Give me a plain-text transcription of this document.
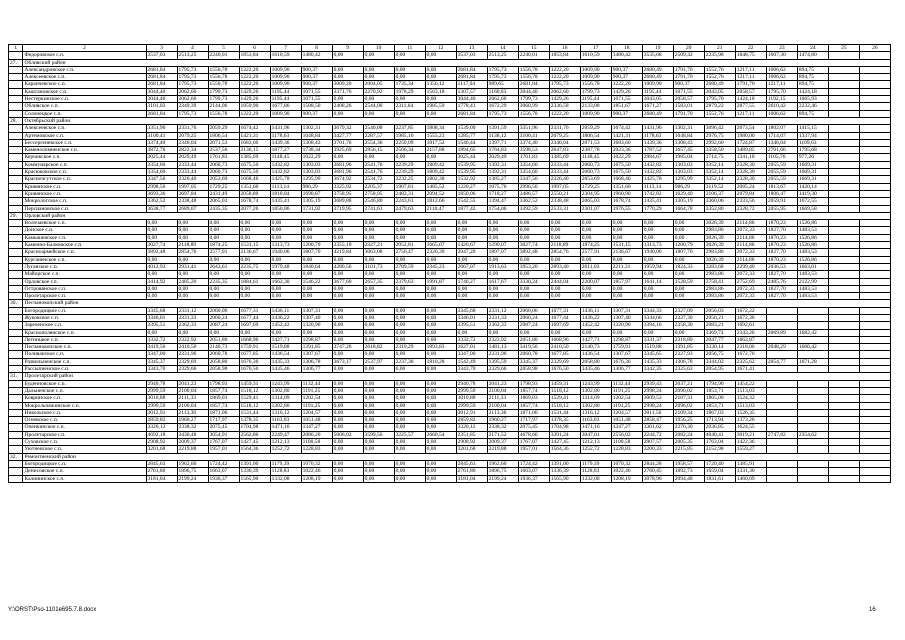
1	2	3	4	5	6	7	8	9	10	11	12	13	14	15	16	17	18	19	20	21	22	23	24	25	26
	Федоровское с.п.	3537,03	2513,25	2240,01	1853,84	1610,59	1480,42	0,00	0,00	0,00	0,00	3537,03	2513,25	2240,01	1853,84	1610,59	1480,42	3535,68	2509,32	2235,98	1848,75	1607,30	1474,80		
27.	Обливский район																								
	Александровское с.п.	2681,84	1795,73	1556,78	1222,20	1009,90	900,37	0,00	0,00	0,00	0,00	2681,84	1795,73	1556,78	1222,20	1009,90	900,37	2680,49	1791,70	1552,76	1217,11	1006,62	894,75		
	Алексеевское с.п.	2681,84	1795,73	1556,78	1222,20	1009,90	900,37	0,00	0,00	0,00	0,00	2681,84	1795,73	1556,78	1222,20	1009,90	900,37	2680,49	1791,70	1552,76	1217,11	1006,62	894,75		
	Караичевское с.п.	2681,84	1795,73	1556,78	1222,20	1009,90	900,37	3009,20	2004,05	1735,34	1356,12	1117,04	989,65	2681,84	1795,73	1556,78	1222,20	1009,90	900,37	2680,49	1791,70	1217,11	894,75		
	Каштановское с.п.	3044,40	2062,60	1799,73	1429,26	1195,44	1071,55	3371,76	2270,92	1978,29	1563,18	1307,57	1160,83	3044,40	2062,60	1799,73	1429,26	1195,44	1071,55	3043,05	2058,57	1795,70	1424,18		
	Нестеркинское с.п.	3044,40	2062,60	1799,73	1429,26	1195,44	1071,55	0,00	0,00	0,00	0,00	3044,40	2062,60	1799,73	1429,26	1195,44	1071,55	3043,05	2058,57	1795,70	1424,18	1192,15	1065,93		
	Обливское с.п.	3101,03	2349,39	2144,06	1859,90	1677,86	1588,50	2408,26	2544,00	2311,64	1985,59	1778,41	1672,29	3060,99	2336,58	2133,08	1851,67	1671,27	1583,01	2879,22	2877,55	2610,42	2232,46		
	Солонецкое с.п.	2681,84	1795,73	1556,78	1222,20	1009,90	900,37	0,00	0,00	0,00	0,00	2681,84	1795,73	1556,78	1222,20	1009,90	900,37	2680,49	1791,70	1552,76	1217,11	1006,62	894,75		
28.	Октябрьский район																								
	Алексеевское с.п.	3351,96	2331,76	2059,29	1674,42	1431,96	1302,31	3679,32	2540,08	2237,85	1808,34	1539,09	1391,59	3351,96	2331,76	2059,29	1674,42	1431,96	1302,31	3096,42	2073,54	1802,07	1415,15		
	Артемовское с.п.	3100,41	2079,25	1806,54	1421,31	1178,63	1048,84	3427,77	2287,57	1985,10	1555,23	1285,77	1138,12	3100,41	2079,25	1806,54	1421,31	1178,63	1048,84	2976,75	1980,00	1714,07	1337,94		
	Бессергеневское с.п.	3374,40	2346,04	2071,53	1683,60	1439,36	1308,43	3701,76	2554,36	2250,09	1817,52	1546,44	1397,71	3374,40	2346,04	2071,53	1683,60	1439,36	1308,43	2992,60	1724,87	1346,04	1109,63		
	Каменоломненское г.п.	3872,76	2822,34	2537,56	2136,15	1877,27	1738,34	3925,69	2856,15	2566,34	2157,88	1894,65	1764,83	3598,53	2647,83	2387,78	2023,36	1787,52	1657,45	3358,50	3489,85	2701,66	1795,68		
	Керчикское с.п.	3025,44	2029,49	1761,83	1385,69	1148,45	1022,29	0,00	0,00	0,00	0,00	3025,44	2029,49	1761,83	1385,69	1148,45	1022,29	2984,67	1985,04	1714,75	1341,18	1105,76	977,26		
	Коммунарское с.п.	3354,60	2333,44	2060,73	1675,50	1432,82	1303,03	3681,96	2541,76	2239,29	1809,42	1539,95	1392,31	3354,60	2333,44	2060,73	1675,50	1432,82	1303,03	3352,14	2328,30	2055,59	1669,31		
	Красюковское с.п.	3354,60	2333,44	2060,73	1675,50	1432,82	1303,03	3681,96	2541,76	2239,29	1809,42	1539,95	1392,31	3354,60	2333,44	2060,73	1675,50	1432,82	1303,03	3352,14	2328,30	2055,59	1669,31		
	Красночгутское с.п.	3347,56	2326,40	2053,69	1668,46	1425,78	1295,99	3674,92	2534,72	2232,25	1802,38	1532,92	1385,27	3347,56	2326,40	2053,69	1668,46	1425,78	1295,99	3352,14	2328,30	2055,59	1669,31		
	Кривянское с.п.	2998,56	1997,05	1729,25	1351,60	1113,14	986,29	3325,92	2205,37	1907,81	1485,52	1220,27	1075,76	2996,56	1997,05	1729,25	1351,60	1113,14	986,29	3119,52	2085,24	1813,67	1420,14		
	Кривянское с.п.	3693,36	2697,84	2431,49	2058,80	1818,84	1690,87	3758,95	2758,95	2482,31	2094,52	1850,06	1718,27	3486,57	2550,21	2304,95	1960,90	1742,82	1629,40	3106,37	2079,84	1806,47	1419,30		
	Мокрологское с.п.	3362,52	2338,48	2065,03	1678,74	1435,41	1305,19	3689,88	2546,80	2243,61	1812,66	1542,55	1394,47	3362,52	2338,48	2065,03	1678,74	1435,41	1305,19	3360,06	2333,56	2059,91	1672,55		
	Персиановское с.п.	3638,77	2689,07	2435,35	2077,26	1850,86	1731,92	3719,95	2741,61	2479,63	2110,47	1877,42	1754,06	3392,59	2533,31	2301,07	1976,55	1770,29	1664,78	3352,80	2328,72	2055,95	1669,58		
29.	Орловский район																								
	Волочаевское с.п.	0,00	0,00	0,00	0,00	0,00	0,00	0,00	0,00	0,00	0,00	0,00	0,00	0,00	0,00	0,00	0,00	0,00	0,00	3026,39	2114,86	1870,23	1526,86		
	Донское с.п.	0,00	0,00	0,00	0,00	0,00	0,00	0,00	0,00	0,00	0,00	0,00	0,00	0,00	0,00	0,00	0,00	0,00	0,00	2983,86	2072,33	1827,70	1483,53		
	Камышевское с.п.	0,00	0,00	0,00	0,00	0,00	0,00	0,00	0,00	0,00	0,00	0,00	0,00	0,00	0,00	0,00	0,00	0,00	0,00	3026,39	2114,86	1870,23	1526,86		
	Каменно-Балковское с.п.	3027,74	2118,89	1874,25	1531,15	1313,73	1200,79	3355,10	2327,21	2052,81	1665,07	1420,67	1290,07	3027,74	2118,89	1874,25	1531,15	1313,73	1200,79	3026,39	2114,86	1870,23	1526,86		
	Красноармейское с.п.	3892,48	2854,76	2577,91	2136,67	1940,06	1807,70	4219,84	3063,08	2756,47	2320,39	2047,20	1897,07	3892,48	2854,76	2577,91	2136,67	1940,06	1807,70	2983,86	2072,33	1827,70	1483,53		
	Курганенское с.п.	0,00	0,00	0,00	0,00	0,00	0,00	0,00	0,00	0,00	0,00	0,00	0,00	0,00	0,00	0,00	0,00	0,00	0,00	3026,39	2114,86	1870,23	1526,86		
	Луганское с.п.	4012,93	2931,41	2643,61	2235,75	1979,48	1840,64	4280,56	3101,73	2789,59	2345,23	2067,07	1913,63	3953,20	2893,40	2611,03	2211,31	1959,94	1824,33	3283,68	2299,40	2036,53	1663,01		
	Майорское с.п.	0,00	0,00	0,00	0,00	0,00	0,00	0,00	0,00	0,00	0,00	0,00	0,00	0,00	0,00	0,00	0,00	0,00	0,00	2983,86	2072,33	1827,70	1483,53		
	Орловское г.п.	3414,92	2485,20	2235,35	1884,61	1662,30	1546,22	3677,60	2657,35	2379,63	1991,87	1746,27	1617,67	3330,24	2444,04	2200,07	1857,97	1641,14	1528,59	3758,41	2752,69	2485,76	2122,99		
	Островянское с.п.	0,00	0,00	0,00	0,00	0,00	0,00	0,00	0,00	0,00	0,00	0,00	0,00	0,00	0,00	0,00	0,00	0,00	0,00	2983,86	2072,33	1827,70	1483,53		
	Пролетарское с.п.	0,00	0,00	0,00	0,00	0,00	0,00	0,00	0,00	0,00	0,00	0,00	0,00	0,00	0,00	0,00	0,00	0,00	0,00	2983,86	2072,33	1827,70	1483,53		
30.	Песчанокопский район																								
	Богородицкое с.п.	3345,68	2331,12	2060,06	1677,31	1436,11	1307,31	0,00	0,00	0,00	0,00	3345,68	2331,12	2060,06	1677,31	1436,11	1307,31	3344,33	2327,09	2056,03	1672,22				
	Жуковское с.п.	3346,01	2331,33	2060,24	1677,44	1436,22	1307,40	0,00	0,00	0,00	0,00	3346,01	2331,33	2060,24	1677,44	1436,22	1307,40	3344,66	2327,30	2056,21	1672,36				
	Зареченское с.п.	3395,51	2362,33	2087,24	1697,69	1452,42	1320,90	0,00	0,00	0,00	0,00	3395,51	2362,33	2087,24	1697,69	1452,42	1320,90	3394,16	2358,30	2083,21	1692,61				
	Краснополянское с.п.	0,00	0,00	0,00	0,00	0,00	0,00	0,00	0,00	0,00	0,00	0,00	0,00	0,00	0,00	0,00	0,00	0,00	0,00	3369,74	2343,26	2069,89	1682,42		
	Летницкое с.п.	3332,72	2322,92	2051,80	1668,96	1427,71	1298,87	0,00	0,00	0,00	0,00	3332,72	2322,92	2051,80	1668,96	1427,71	1298,87	3331,37	2318,89	2047,77	1663,87				
	Песчанокопское с.п.	3419,56	2410,50	2140,73	1759,91	1519,88	1391,85	3747,26	2618,82	2319,29	1893,83	1627,01	1481,13	3419,56	2410,50	2140,73	1759,91	1519,88	1391,85	3330,14	2318,06	2048,29	1666,42		
	Поливанское с.п.	3347,00	2331,96	2060,78	1677,85	1436,54	1307,67	0,00	0,00	0,00	0,00	3347,00	2331,96	2060,78	1677,85	1436,54	1307,67	3345,65	2327,93	2056,75	1672,76				
	Развильненское с.п.	3345,37	2329,69	2058,80	1676,36	1435,33	1306,78	3673,17	2537,97	2237,36	1810,28	1542,49	1395,59	3345,37	2329,69	2058,80	1676,36	1435,33	1306,78	3344,02	2325,62	2054,77	1671,28		
	Рассыпненское с.п.	3343,70	2329,66	2058,98	1676,50	1435,46	1306,77	0,00	0,00	0,00	0,00	3343,70	2329,66	2058,98	1676,50	1435,46	1306,77	3342,35	2325,63	2054,95	1671,41				
31.	Пролетарский район																								
	Буденновское с.п.	2940,78	2041,23	1798,93	1459,31	1243,99	1132,44	0,00	0,00	0,00	0,00	2940,78	2041,23	1798,93	1459,31	1243,99	1132,44	2939,43	2037,21	1794,90	1454,22				
	Дальненское с.п.	2999,59	2100,04	1857,74	1518,12	1302,80	1191,25	0,00	0,00	0,00	0,00	2999,59	2100,04	1857,74	1518,12	1302,80	1191,25	2998,24	2096,02	1853,71	1513,03				
	Ковринское с.п.	3010,88	2111,33	1869,03	1529,41	1314,09	1202,54	0,00	0,00	0,00	0,00	3010,88	2111,33	1869,03	1529,41	1314,09	1202,54	3009,53	2107,31	1865,00	1524,32				
	Мокрольпяжинское с.п.	2999,59	2100,04	1857,74	1518,12	1302,80	1191,25	0,00	0,00	0,00	0,00	2999,59	2100,04	1857,74	1518,12	1302,80	1191,25	2998,24	2096,02	1853,71	1513,03				
	Никольское с.п.	3012,91	2113,36	1871,06	1531,44	1316,12	1204,57	0,00	0,00	0,00	0,00	3012,91	2113,36	1871,06	1531,44	1316,12	1204,57	3011,56	2109,34	1867,03	1526,35				
	Огневское с.п.	2859,82	1960,27	1717,97	1378,35	1163,03	1051,48	0,00	0,00	0,00	0,00	2859,82	1960,27	1717,97	1378,35	1163,03	1051,48	2858,47	1956,25	1713,94	1373,26				
	Опенкинское с.п.	3320,12	2338,32	2075,45	1704,98	1471,16	1347,27	0,00	0,00	0,00	0,00	3320,12	2338,32	2075,45	1704,98	1471,16	1347,27	3301,62	2276,30	2036,85	1624,55				
	Пролетарское г.п.	4692,18	3430,48	3054,91	2562,86	2249,47	2086,20	5006,02	3599,56	3225,57	2660,54	2351,85	2171,52	4678,66	3391,24	3047,01	2556,02	2244,72	2082,24	4040,41	3019,21	2747,82	2354,62		
	Суховское с.п.	2908,92	2009,37	1767,07	1427,45	1212,13	1100,58	0,00	0,00	0,00	0,00	2908,92	2009,37	1767,07	1427,45	1212,13	1100,58	2907,57	2005,35	1763,04	1422,36				
	Уютненское с.п.	3201,68	2219,88	1957,01	1564,36	1252,72	1228,83	0,00	0,00	0,00	0,00	3201,68	2219,88	1957,01	1564,36	1252,72	1228,83	3200,33	2215,85	2152,98	1559,27				
32.	Ремонтненский район																								
	Богородицкое с.п.	2845,63	1962,60	1724,42	1391,00	1179,39	1070,32	0,00	0,00	0,00	0,00	2845,63	1962,60	1724,42	1391,00	1179,39	1070,32	2844,28	1958,57	1720,40	1385,91				
	Денисовское с.п.	2761,80	1896,75	1663,07	1336,39	1128,83	1022,46	0,00	0,00	0,00	0,00	2761,80	1896,75	1663,07	1336,39	1128,83	1022,46	2760,45	1892,73	1659,04	1331,30				
	Калининское с.п.	3181,04	2199,24	1936,37	1565,90	1332,08	1208,19	0,00	0,00	0,00	0,00	3181,04	2199,24	1936,37	1565,90	1332,08	1208,19	3078,96	2094,48	1831,61	1460,09				
Y:\ORST\Pso-1101e695.7.8.docx	16
